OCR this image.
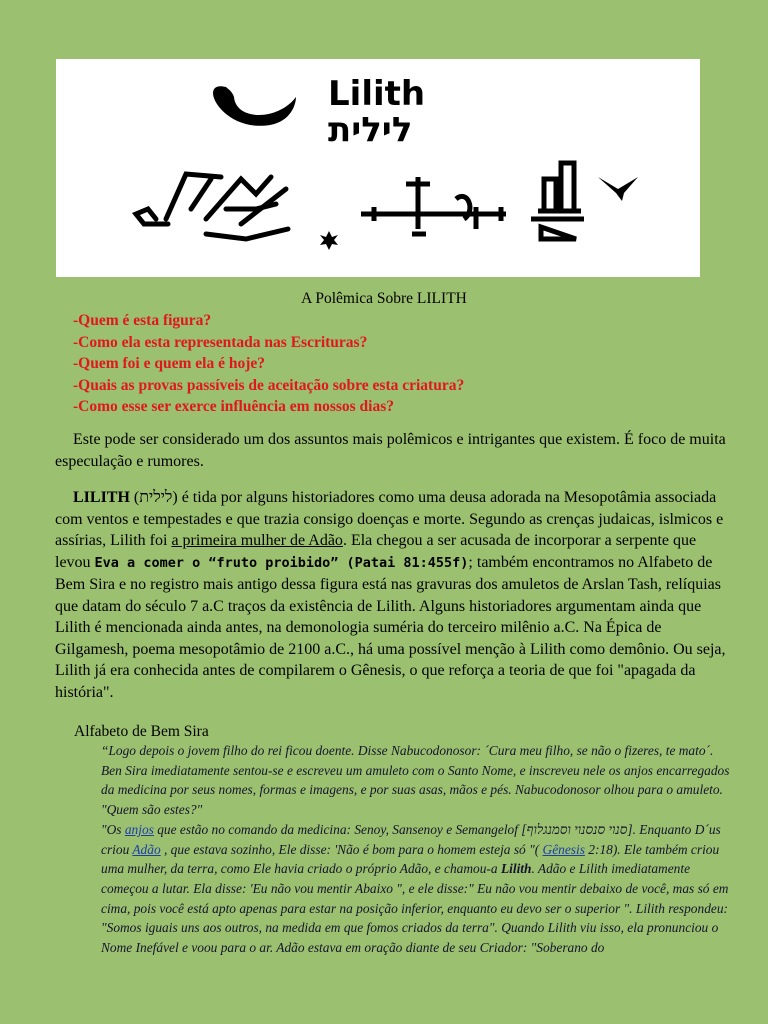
Lilith
לילית
A Polêmica Sobre LILITH
-Quem é esta figura?
-Como ela esta representada nas Escrituras?
-Quem foi e quem ela é hoje?
-Quais as provas passíveis de aceitação sobre esta criatura?
-Como esse ser exerce influência em nossos dias?
Este pode ser considerado um dos assuntos mais polêmicos e intrigantes que existem. É foco de muita especulação e rumores.
LILITH (לילית) é tida por alguns historiadores como uma deusa adorada na Mesopotâmia associada com ventos e tempestades e que trazia consigo doenças e morte. Segundo as crenças judaicas, islmicos e assírias, Lilith foi a primeira mulher de Adão. Ela chegou a ser acusada de incorporar a serpente que levou Eva a comer o “fruto proibido” (Patai 81:455f); também encontramos no Alfabeto de Bem Sira e no registro mais antigo dessa figura está nas gravuras dos amuletos de Arslan Tash, relíquias que datam do século 7 a.C traços da existência de Lilith. Alguns historiadores argumentam ainda que Lilith é mencionada ainda antes, na demonologia suméria do terceiro milênio a.C. Na Épica de Gilgamesh, poema mesopotâmio de 2100 a.C., há uma possível menção à Lilith como demônio. Ou seja, Lilith já era conhecida antes de compilarem o Gênesis, o que reforça a teoria de que foi "apagada da história".
Alfabeto de Bem Sira
“Logo depois o jovem filho do rei ficou doente. Disse Nabucodonosor: ´Cura meu filho, se não o fizeres, te mato´. Ben Sira imediatamente sentou-se e escreveu um amuleto com o Santo Nome, e inscreveu nele os anjos encarregados da medicina por seus nomes, formas e imagens, e por suas asas, mãos e pés. Nabucodonosor olhou para o amuleto. "Quem são estes?"
"Os anjos que estão no comando da medicina: Senoy, Sansenoy e Semangelof [סנוי סנסנוי וסמנגלוף]. Enquanto D´us criou Adão , que estava sozinho, Ele disse: 'Não é bom para o homem esteja só "( Gênesis 2:18). Ele também criou uma mulher, da terra, como Ele havia criado o próprio Adão, e chamou-a Lilith. Adão e Lilith imediatamente começou a lutar. Ela disse: 'Eu não vou mentir Abaixo ", e ele disse:" Eu não vou mentir debaixo de você, mas só em cima, pois você está apto apenas para estar na posição inferior, enquanto eu devo ser o superior ". Lilith respondeu: "Somos iguais uns aos outros, na medida em que fomos criados da terra". Quando Lilith viu isso, ela pronunciou o Nome Inefável e voou para o ar. Adão estava em oração diante de seu Criador: "Soberano do
